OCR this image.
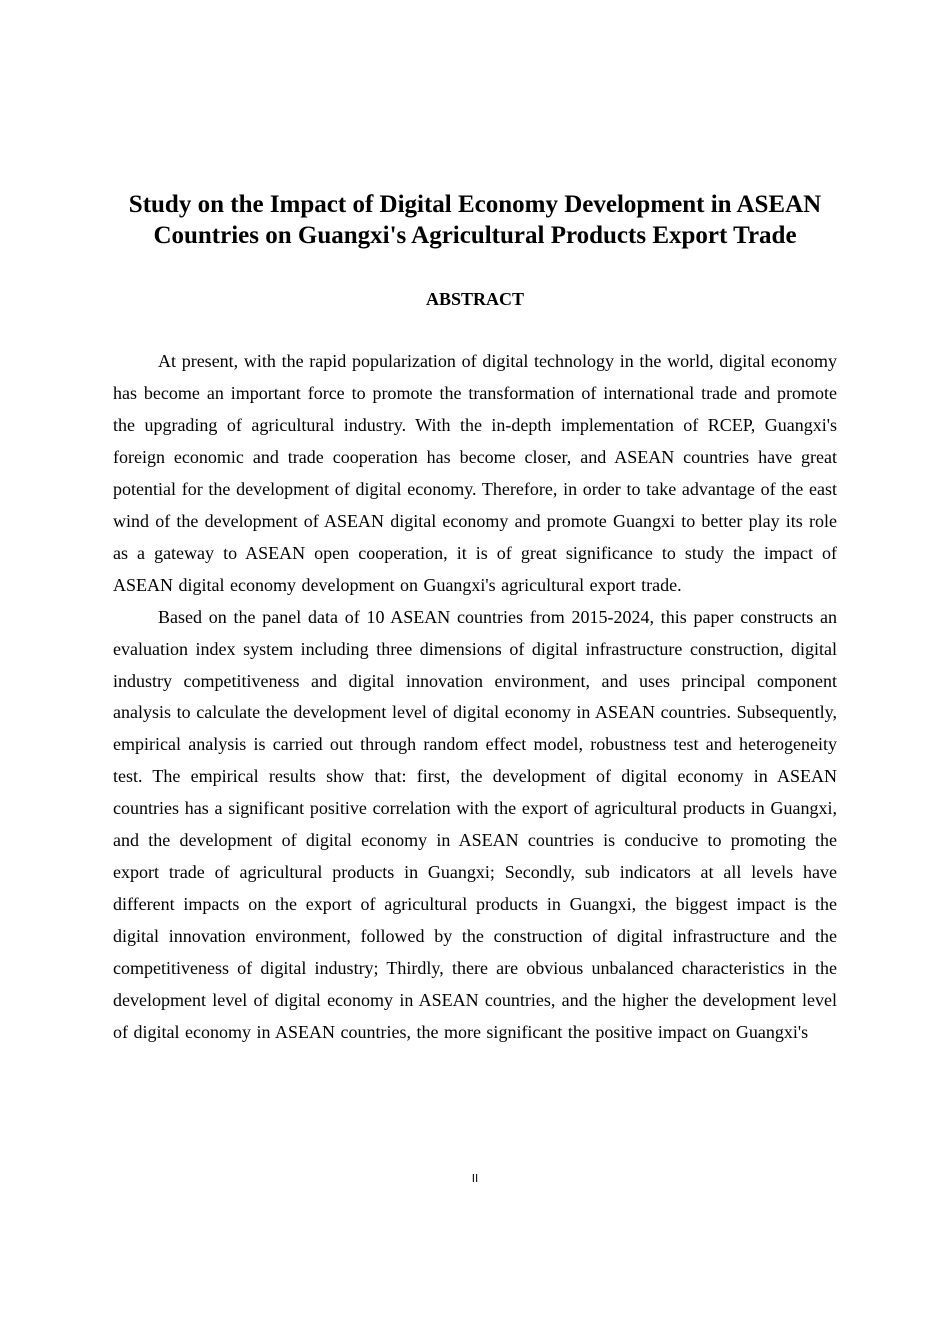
Study on the Impact of Digital Economy Development in ASEAN Countries on Guangxi's Agricultural Products Export Trade
ABSTRACT

At present, with the rapid popularization of digital technology in the world, digital economy has become an important force to promote the transformation of international trade and promote the upgrading of agricultural industry. With the in-depth implementation of RCEP, Guangxi's foreign economic and trade cooperation has become closer, and ASEAN countries have great potential for the development of digital economy. Therefore, in order to take advantage of the east wind of the development of ASEAN digital economy and promote Guangxi to better play its role as a gateway to ASEAN open cooperation, it is of great significance to study the impact of ASEAN digital economy development on Guangxi's agricultural export trade.

Based on the panel data of 10 ASEAN countries from 2015-2024, this paper constructs an evaluation index system including three dimensions of digital infrastructure construction, digital industry competitiveness and digital innovation environment, and uses principal component analysis to calculate the development level of digital economy in ASEAN countries. Subsequently, empirical analysis is carried out through random effect model, robustness test and heterogeneity test. The empirical results show that: first, the development of digital economy in ASEAN countries has a significant positive correlation with the export of agricultural products in Guangxi, and the development of digital economy in ASEAN countries is conducive to promoting the export trade of agricultural products in Guangxi; Secondly, sub indicators at all levels have different impacts on the export of agricultural products in Guangxi, the biggest impact is the digital innovation environment, followed by the construction of digital infrastructure and the competitiveness of digital industry; Thirdly, there are obvious unbalanced characteristics in the development level of digital economy in ASEAN countries, and the higher the development level of digital economy in ASEAN countries, the more significant the positive impact on Guangxi's

II
